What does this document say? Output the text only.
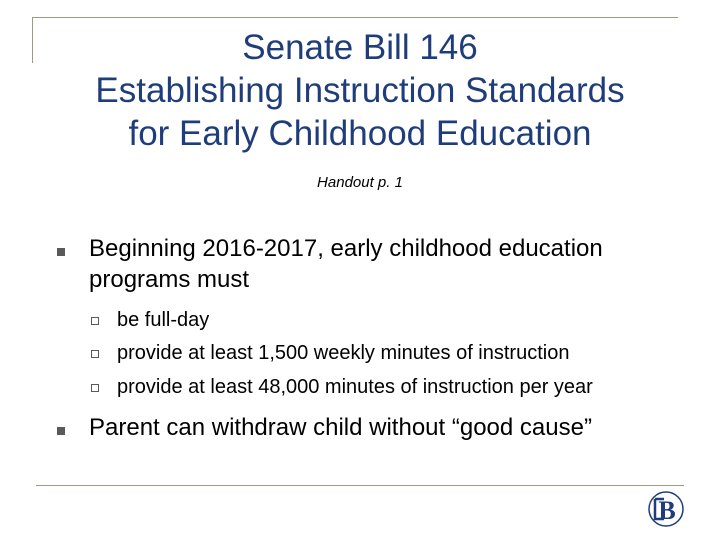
Senate Bill 146
Establishing Instruction Standards
for Early Childhood Education
Handout p. 1
Beginning 2016-2017, early childhood education
programs must
be full-day
provide at least 1,500 weekly minutes of instruction
provide at least 48,000 minutes of instruction per year
Parent can withdraw child without “good cause”
B
